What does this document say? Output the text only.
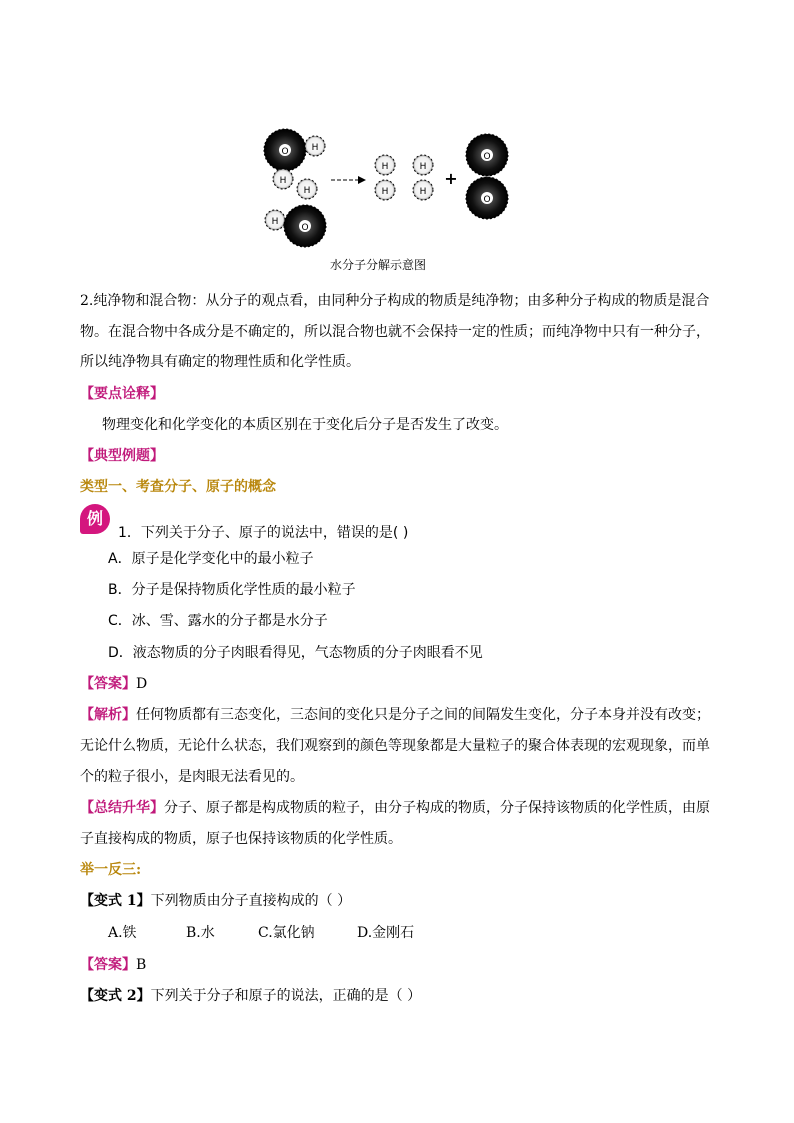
O	H
H
H
H
O
H	H
H	H
+
O
O
水分子分解示意图
2.纯净物和混合物：从分子的观点看，由同种分子构成的物质是纯净物；由多种分子构成的物质是混合
物。在混合物中各成分是不确定的，所以混合物也就不会保持一定的性质；而纯净物中只有一种分子，
所以纯净物具有确定的物理性质和化学性质。
【要点诠释】
物理变化和化学变化的本质区别在于变化后分子是否发生了改变。
【典型例题】
类型一、考查分子、原子的概念
例
1．下列关于分子、原子的说法中，错误的是( )
A．原子是化学变化中的最小粒子
B．分子是保持物质化学性质的最小粒子
C．冰、雪、露水的分子都是水分子
D．液态物质的分子肉眼看得见，气态物质的分子肉眼看不见
【答案】D
【解析】任何物质都有三态变化，三态间的变化只是分子之间的间隔发生变化，分子本身并没有改变；
无论什么物质，无论什么状态，我们观察到的颜色等现象都是大量粒子的聚合体表现的宏观现象，而单
个的粒子很小，是肉眼无法看见的。
【总结升华】分子、原子都是构成物质的粒子，由分子构成的物质，分子保持该物质的化学性质，由原
子直接构成的物质，原子也保持该物质的化学性质。
举一反三:
【变式 1】下列物质由分子直接构成的（ ）
A.铁	B.水	C.氯化钠	D.金刚石
【答案】B
【变式 2】下列关于分子和原子的说法，正确的是（ ）
